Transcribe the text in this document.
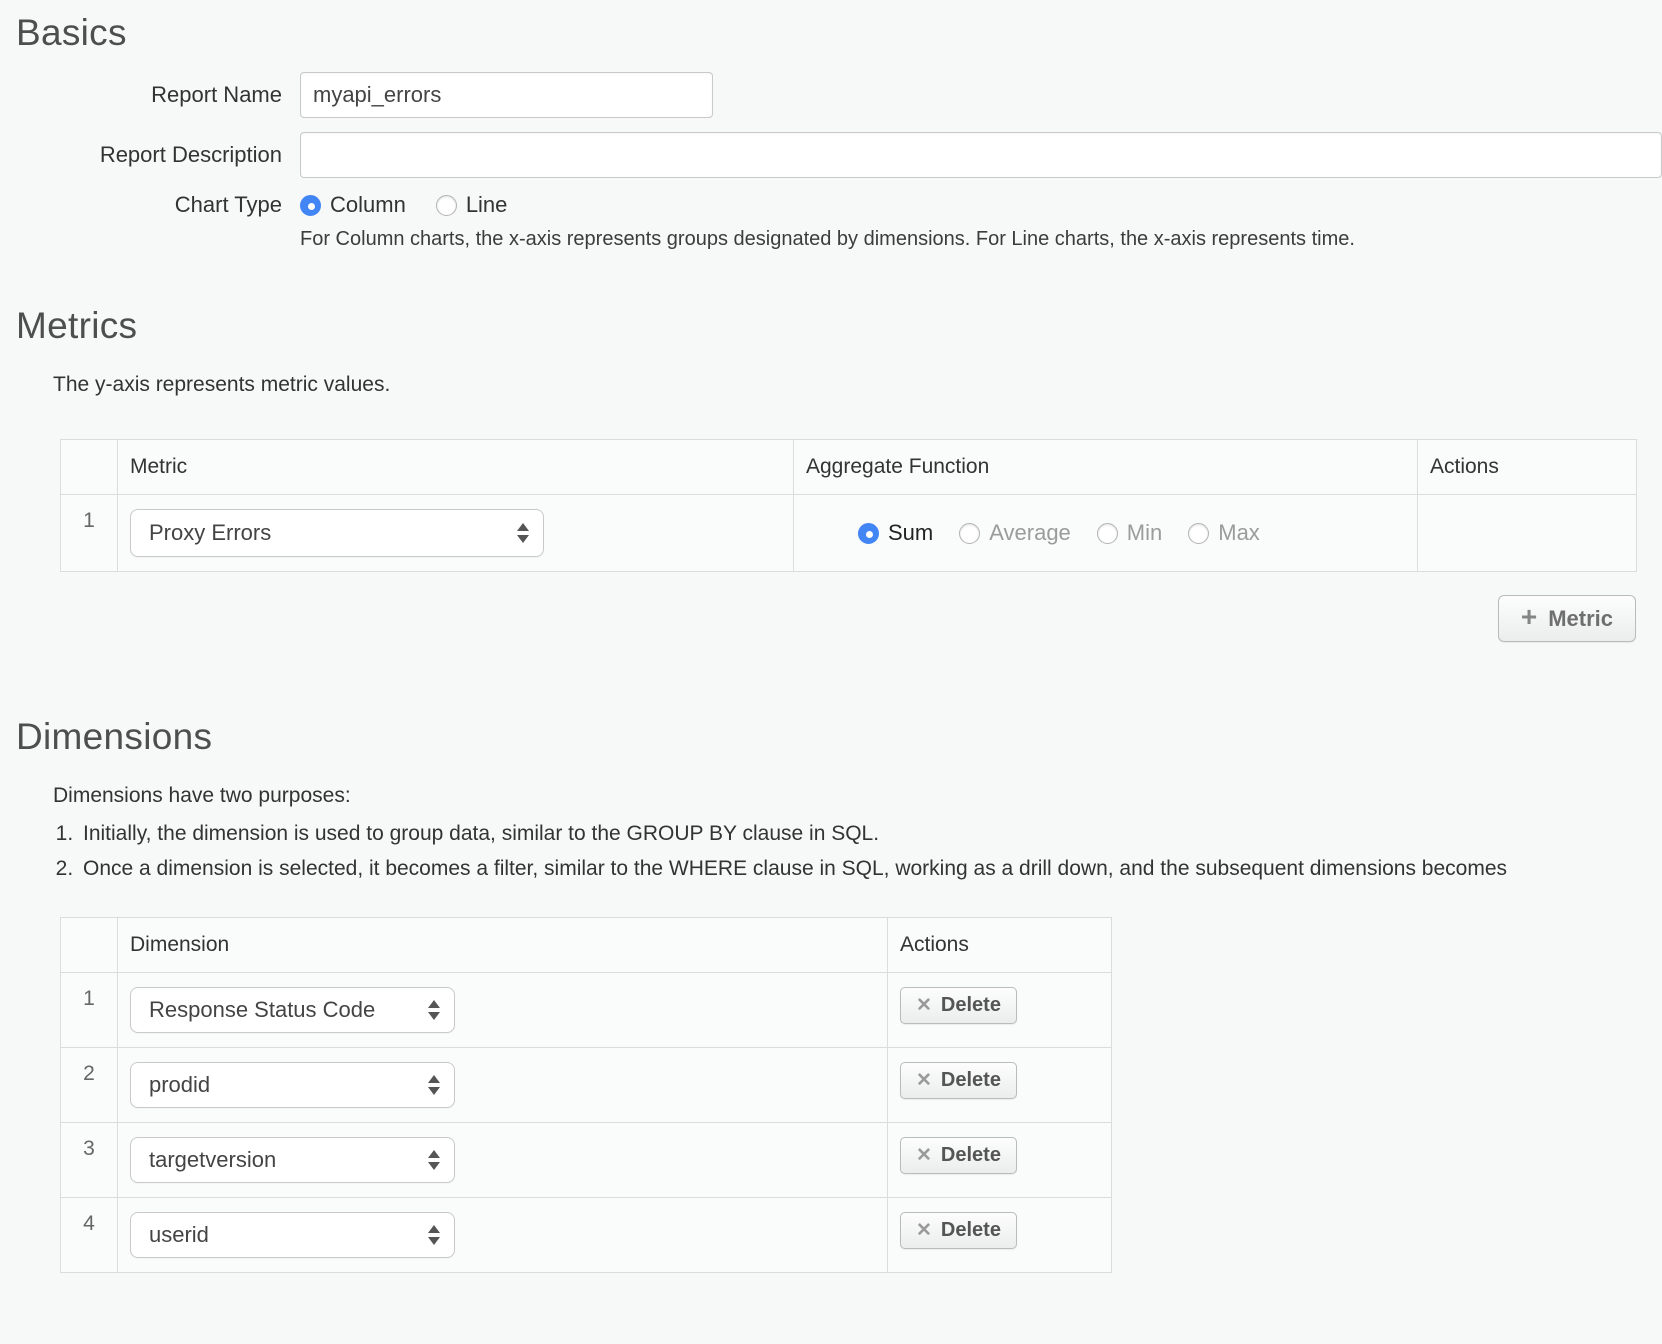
Basics
Report Name
myapi_errors
Report Description
Chart Type Column	Line
For Column charts, the x-axis represents groups designated by dimensions. For Line charts, the x-axis represents time.
Metrics

The y-axis represents metric values.

	Metric	Aggregate Function	Actions
1	Proxy Errors	Sum Average Min Max	

+ Metric
Dimensions

Dimensions have two purposes:

1. Initially, the dimension is used to group data, similar to the GROUP BY clause in SQL.
2. Once a dimension is selected, it becomes a filter, similar to the WHERE clause in SQL, working as a drill down, and the subsequent dimensions becomes
	Dimension	Actions
1	Response Status Code	✕ Delete

2	prodid	✕ Delete

3	targetversion	✕ Delete

4	userid	✕ Delete
